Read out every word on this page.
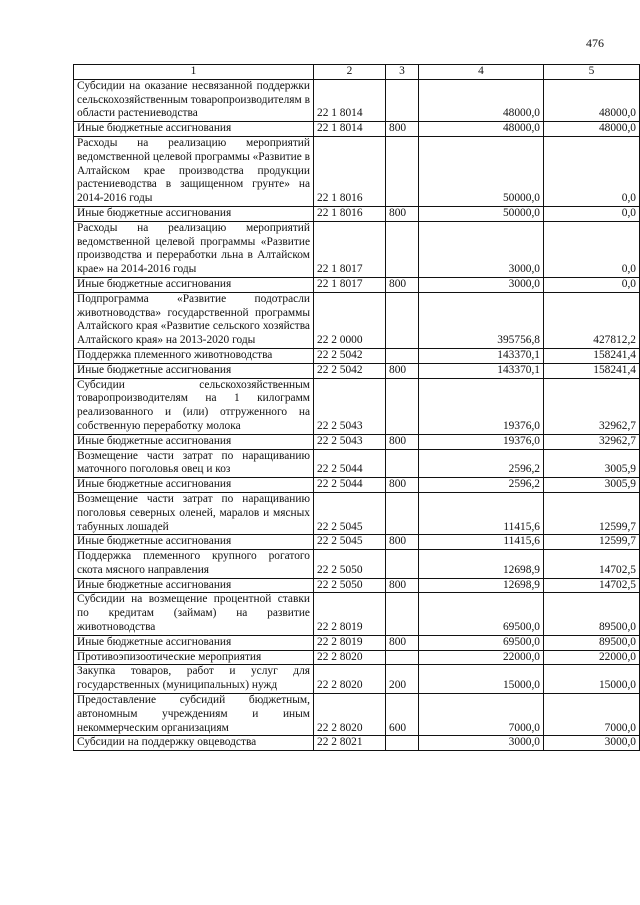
476
1	2	3	4	5
Субсидии на оказание несвязанной поддержки сельскохозяйственным товаропроизводителям в области растениеводства	22 1 8014		48000,0	48000,0
Иные бюджетные ассигнования	22 1 8014	800	48000,0	48000,0
Расходы на реализацию мероприятий ведомственной целевой программы «Развитие в Алтайском крае производства продукции растениеводства в защищенном грунте» на 2014-2016 годы	22 1 8016		50000,0	0,0
Иные бюджетные ассигнования	22 1 8016	800	50000,0	0,0
Расходы на реализацию мероприятий ведомственной целевой программы «Развитие производства и переработки льна в Алтайском крае» на 2014-2016 годы	22 1 8017		3000,0	0,0
Иные бюджетные ассигнования	22 1 8017	800	3000,0	0,0
Подпрограмма «Развитие подотрасли животноводства» государственной программы Алтайского края «Развитие сельского хозяйства Алтайского края» на 2013-2020 годы	22 2 0000		395756,8	427812,2
Поддержка племенного животноводства	22 2 5042		143370,1	158241,4
Иные бюджетные ассигнования	22 2 5042	800	143370,1	158241,4
Субсидии сельскохозяйственным товаропроизводителям на 1 килограмм реализованного и (или) отгруженного на собственную переработку молока	22 2 5043		19376,0	32962,7
Иные бюджетные ассигнования	22 2 5043	800	19376,0	32962,7
Возмещение части затрат по наращиванию маточного поголовья овец и коз	22 2 5044		2596,2	3005,9
Иные бюджетные ассигнования	22 2 5044	800	2596,2	3005,9
Возмещение части затрат по наращиванию поголовья северных оленей, маралов и мясных табунных лошадей	22 2 5045		11415,6	12599,7
Иные бюджетные ассигнования	22 2 5045	800	11415,6	12599,7
Поддержка племенного крупного рогатого скота мясного направления	22 2 5050		12698,9	14702,5
Иные бюджетные ассигнования	22 2 5050	800	12698,9	14702,5
Субсидии на возмещение процентной ставки по кредитам (займам) на развитие животноводства	22 2 8019		69500,0	89500,0
Иные бюджетные ассигнования	22 2 8019	800	69500,0	89500,0
Противоэпизоотические мероприятия	22 2 8020		22000,0	22000,0
Закупка товаров, работ и услуг для государственных (муниципальных) нужд	22 2 8020	200	15000,0	15000,0
Предоставление субсидий бюджетным, автономным учреждениям и иным некоммерческим организациям	22 2 8020	600	7000,0	7000,0
Субсидии на поддержку овцеводства	22 2 8021		3000,0	3000,0
